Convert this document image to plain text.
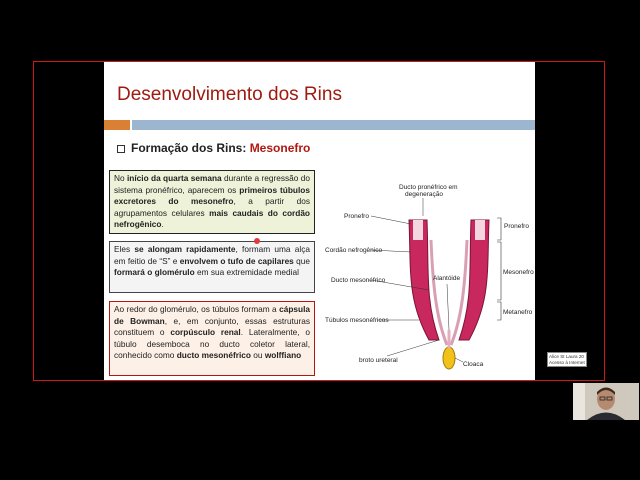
Desenvolvimento dos Rins
Formação dos Rins: Mesonefro
No início da quarta semana durante a regressão do sistema pronéfrico, aparecem os primeiros túbulos excretores do mesonefro, a partir dos agrupamentos celulares mais caudais do cordão nefrogênico.
Eles se alongam rapidamente, formam uma alça em feitio de “S” e envolvem o tufo de capilares que formará o glomérulo em sua extremidade medial
Ao redor do glomérulo, os túbulos formam a cápsula de Bowman, e, em conjunto, essas estruturas constituem o corpúsculo renal. Lateralmente, o túbulo desemboca no ducto coletor lateral, conhecido como ducto mesonéfrico ou wolffiano
Ducto pronéfrico em
degeneração
Pronefro
Pronefro
Cordão nefrogênico
Ducto mesonéfrico	Alantóide
Mesonefro
Metanefro
Túbulos mesonéfricos
Cloaca
broto ureteral
Alice St Laura 20 Acesso à Internet
